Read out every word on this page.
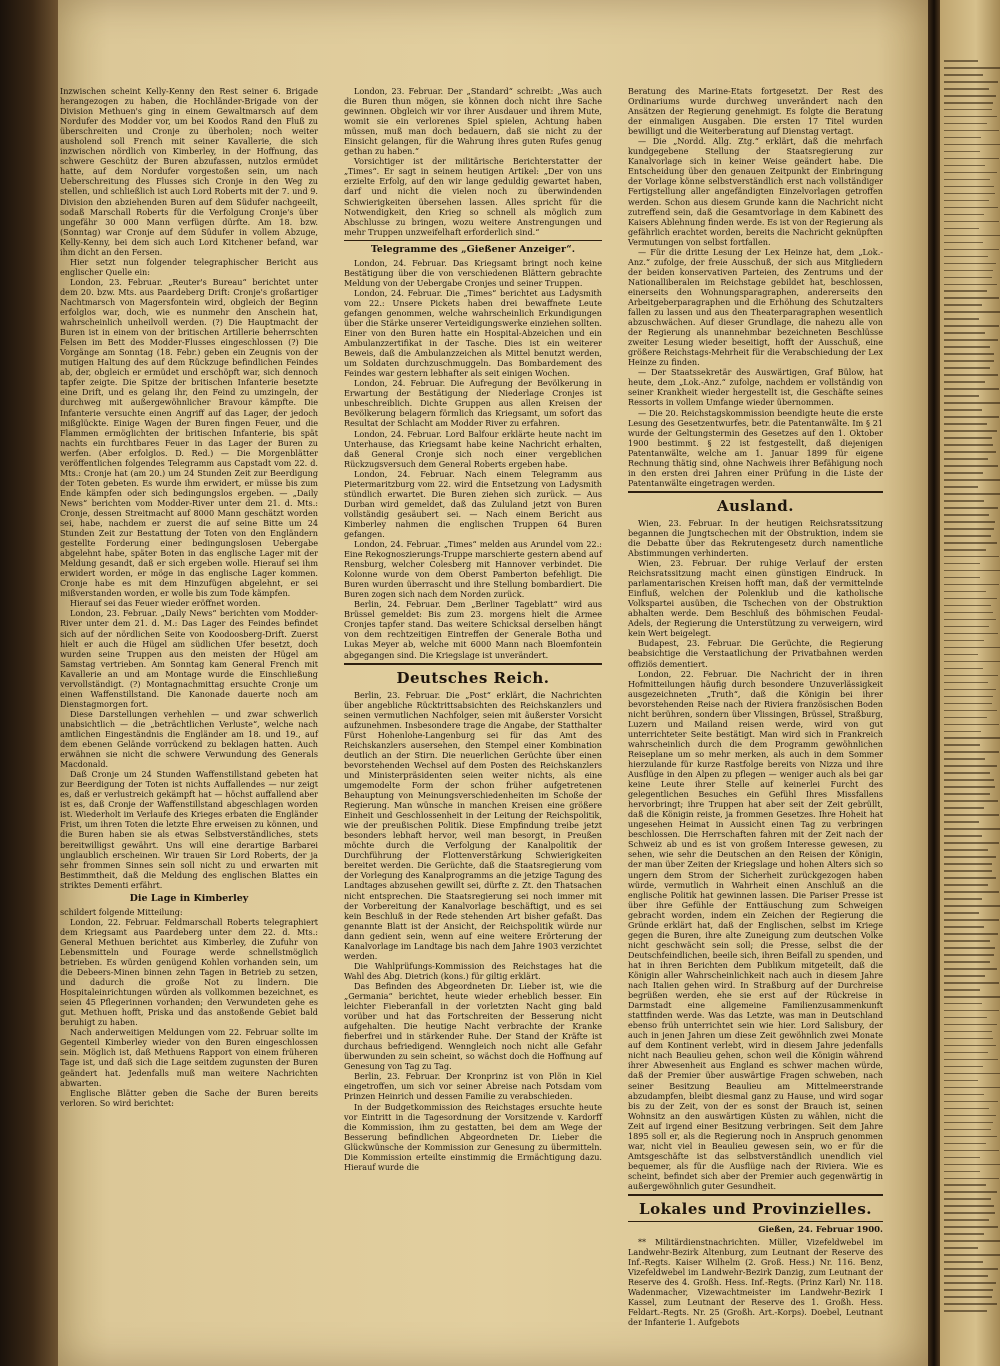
Inzwischen scheint Kelly-Kenny den Rest seiner 6. Brigade herangezogen zu haben, die Hochländer-Brigade von der Division Methuen's ging in einem Gewaltmarsch auf dem Nordufer des Modder vor, um bei Koodos Rand den Fluß zu überschreiten und Cronje zu überholen; noch weiter ausholend soll French mit seiner Kavallerie, die sich inzwischen nördlich von Kimberley, in der Hoffnung, das schwere Geschütz der Buren abzufassen, nutzlos ermüdet hatte, auf dem Nordufer vorgestoßen sein, um nach Ueberschreitung des Flusses sich Cronje in den Weg zu stellen, und schließlich ist auch Lord Roberts mit der 7. und 9. Division den abziehenden Buren auf dem Südufer nachgeeilt, sodaß Marschall Roberts für die Verfolgung Cronje's über ungefähr 30 000 Mann verfügen dürfte. Am 18. bzw. (Sonntag) war Cronje auf dem Südufer in vollem Abzuge, Kelly-Kenny, bei dem sich auch Lord Kitchener befand, war ihm dicht an den Fersen.

Hier setzt nun folgender telegraphischer Bericht aus englischer Quelle ein:

London, 23. Februar. „Reuter's Bureau“ berichtet unter dem 20. bzw. Mts. aus Paardeberg Drift: Cronje's großartiger Nachtmarsch von Magersfontein wird, obgleich der Beginn erfolglos war, doch, wie es nunmehr den Anschein hat, wahrscheinlich unheilvoll werden. (?) Die Hauptmacht der Buren ist in einem von der britischen Artillerie beherrschten Felsen im Bett des Modder-Flusses eingeschlossen (?) Die Vorgänge am Sonntag (18. Febr.) geben ein Zeugnis von der mutigen Haltung des auf dem Rückzuge befindlichen Feindes ab, der, obgleich er ermüdet und erschöpft war, sich dennoch tapfer zeigte. Die Spitze der britischen Infanterie besetzte eine Drift, und es gelang ihr, den Feind zu umzingeln, der durchweg mit außergewöhnlicher Bravour kämpfte. Die Infanterie versuchte einen Angriff auf das Lager, der jedoch mißglückte. Einige Wagen der Buren fingen Feuer, und die Flammen ermöglichten der britischen Infanterie, bis spät nachts ein furchtbares Feuer in das Lager der Buren zu werfen. (Aber erfolglos. D. Red.) — Die Morgenblätter veröffentlichen folgendes Telegramm aus Capstadt vom 22. d. Mts.: Cronje hat (am 20.) um 24 Stunden Zeit zur Beerdigung der Toten gebeten. Es wurde ihm erwidert, er müsse bis zum Ende kämpfen oder sich bedingungslos ergeben. — „Daily News“ berichten vom Modder-River unter dem 21. d. Mts.: Cronje, dessen Streitmacht auf 8000 Mann geschätzt worden sei, habe, nachdem er zuerst die auf seine Bitte um 24 Stunden Zeit zur Bestattung der Toten von den Engländern gestellte Forderung einer bedingungslosen Uebergabe abgelehnt habe, später Boten in das englische Lager mit der Meldung gesandt, daß er sich ergeben wolle. Hierauf sei ihm erwidert worden, er möge in das englische Lager kommen. Cronje habe es mit dem Hinzufügen abgelehnt, er sei mißverstanden worden, er wolle bis zum Tode kämpfen.

Hierauf sei das Feuer wieder eröffnet worden.

London, 23. Februar. „Daily News“ berichten vom Modder-River unter dem 21. d. M.: Das Lager des Feindes befindet sich auf der nördlichen Seite von Koodoosberg-Drift. Zuerst hielt er auch die Hügel am südlichen Ufer besetzt, doch wurden seine Truppen aus den meisten der Hügel am Samstag vertrieben. Am Sonntag kam General French mit Kavallerie an und am Montage wurde die Einschließung vervollständigt. (?) Montagnachmittag ersuchte Cronje um einen Waffenstillstand. Die Kanonade dauerte noch am Dienstagmorgen fort.

Diese Darstellungen verhehlen — und zwar schwerlich unabsichtlich — die „beträchtlichen Verluste“, welche nach amtlichen Eingeständnis die Engländer am 18. und 19., auf dem ebenen Gelände vorrückend zu beklagen hatten. Auch erwähnen sie nicht die schwere Verwundung des Generals Macdonald.

Daß Cronje um 24 Stunden Waffenstillstand gebeten hat zur Beerdigung der Toten ist nichts Auffallendes — nur zeigt es, daß er verlustreich gekämpft hat — höchst auffallend aber ist es, daß Cronje der Waffenstillstand abgeschlagen worden ist. Wiederholt im Verlaufe des Krieges erbaten die Engländer Frist, um ihren Toten die letzte Ehre erweisen zu können, und die Buren haben sie als etwas Selbstverständliches, stets bereitwilligst gewährt. Uns will eine derartige Barbarei unglaublich erscheinen. Wir trauen Sir Lord Roberts, der ja sehr frommen Sinnes sein soll nicht zu und erwarten mit Bestimmtheit, daß die Meldung des englischen Blattes ein striktes Dementi erfährt.

Die Lage in Kimberley

schildert folgende Mitteilung:

London, 22. Februar. Feldmarschall Roberts telegraphiert dem Kriegsamt aus Paardeberg unter dem 22. d. Mts.: General Methuen berichtet aus Kimberley, die Zufuhr von Lebensmitteln und Fourage werde schnellstmöglich betrieben. Es würden genügend Kohlen vorhanden sein, um die Debeers-Minen binnen zehn Tagen in Betrieb zu setzen, und dadurch die große Not zu lindern. Die Hospitaleinrichtungen würden als vollkommen bezeichnet, es seien 45 Pflegerinnen vorhanden; den Verwundeten gehe es gut. Methuen hofft, Priska und das anstoßende Gebiet bald beruhigt zu haben.

Nach anderweitigen Meldungen vom 22. Februar sollte im Gegenteil Kimberley wieder von den Buren eingeschlossen sein. Möglich ist, daß Methuens Rapport von einem früheren Tage ist, und daß sich die Lage seitdem zugunsten der Buren geändert hat. Jedenfalls muß man weitere Nachrichten abwarten.

Englische Blätter geben die Sache der Buren bereits verloren. So wird berichtet:

London, 23. Februar. Der „Standard“ schreibt: „Was auch die Buren thun mögen, sie können doch nicht ihre Sache gewinnen. Obgleich wir vor ihrer Ausdauer und ihrem Mute, womit sie ein verlorenes Spiel spielen, Achtung haben müssen, muß man doch bedauern, daß sie nicht zu der Einsicht gelangen, für die Wahrung ihres guten Rufes genug gethan zu haben.“

Vorsichtiger ist der militärische Berichterstatter der „Times“. Er sagt in seinem heutigen Artikel: „Der von uns erzielte Erfolg, auf den wir lange geduldig gewartet haben, darf und nicht die vielen noch zu überwindenden Schwierigkeiten übersehen lassen. Alles spricht für die Notwendigkeit, den Krieg so schnell als möglich zum Abschlusse zu bringen, wozu weitere Anstrengungen und mehr Truppen unzweifelhaft erforderlich sind.“

Telegramme des „Gießener Anzeiger“.

London, 24. Februar. Das Kriegsamt bringt noch keine Bestätigung über die von verschiedenen Blättern gebrachte Meldung von der Uebergabe Cronjes und seiner Truppen.

London, 24. Februar. Die „Times“ berichtet aus Ladysmith vom 22.: Unsere Pickets haben drei bewaffnete Leute gefangen genommen, welche wahrscheinlich Erkundigungen über die Stärke unserer Verteidigungswerke einziehen sollten. Einer von den Buren hatte ein Hospital-Abzeichen und ein Ambulanzzertifikat in der Tasche. Dies ist ein weiterer Beweis, daß die Ambulanzzeichen als Mittel benutzt werden, um Soldaten durchzuschmuggeln. Das Bombardement des Feindes war gestern lebhafter als seit einigen Wochen.

London, 24. Februar. Die Aufregung der Bevölkerung in Erwartung der Bestätigung der Niederlage Cronjes ist unbeschreiblich. Dichte Gruppen aus allen Kreisen der Bevölkerung belagern förmlich das Kriegsamt, um sofort das Resultat der Schlacht am Modder River zu erfahren.

London, 24. Februar. Lord Balfour erklärte heute nacht im Unterhause, das Kriegsamt habe keine Nachricht erhalten, daß General Cronje sich noch einer vergeblichen Rückzugsversuch dem General Roberts ergeben habe.

London, 24. Februar. Nach einem Telegramm aus Pietermaritzburg vom 22. wird die Entsetzung von Ladysmith stündlich erwartet. Die Buren ziehen sich zurück. — Aus Durban wird gemeldet, daß das Zululand jetzt von Buren vollständig gesäubert sei. — Nach einem Bericht aus Kimberley nahmen die englischen Truppen 64 Buren gefangen.

London, 24. Februar. „Times“ melden aus Arundel vom 22.: Eine Rekognoszierungs-Truppe marschierte gestern abend auf Rensburg, welcher Colesberg mit Hannover verbindet. Die Kolonne wurde von dem Oberst Pamberton befehligt. Die Buren wurden überrascht und ihre Stellung bombardiert. Die Buren zogen sich nach dem Norden zurück.

Berlin, 24. Februar. Dem „Berliner Tageblatt“ wird aus Brüssel gemeldet: Bis zum 23. morgens hielt die Armee Cronjes tapfer stand. Das weitere Schicksal derselben hängt von dem rechtzeitigen Eintreffen der Generale Botha und Lukas Meyer ab, welche mit 6000 Mann nach Bloemfontein abgegangen sind. Die Kriegslage ist unverändert.

Deutsches Reich.

Berlin, 23. Februar. Die „Post“ erklärt, die Nachrichten über angebliche Rücktrittsabsichten des Reichskanzlers und seinen vermutlichen Nachfolger, seien mit äußerster Vorsicht aufzunehmen. Insbesondere trage die Angabe, der Statthalter Fürst Hohenlohe-Langenburg sei für das Amt des Reichskanzlers ausersehen, den Stempel einer Kombination deutlich an der Stirn. Die neuerlichen Gerüchte über einen bevorstehenden Wechsel auf dem Posten des Reichskanzlers und Ministerpräsidenten seien weiter nichts, als eine umgemodelte Form der schon früher aufgetretenen Behauptung von Meinungsverschiedenheiten im Schoße der Regierung. Man wünsche in manchen Kreisen eine größere Einheit und Geschlossenheit in der Leitung der Reichspolitik, wie der preußischen Politik. Diese Empfindung treibe jetzt besonders lebhaft hervor, weil man besorgt, in Preußen möchte durch die Verfolgung der Kanalpolitik der Durchführung der Flottenverstärkung Schwierigkeiten bereitet werden. Die Gerüchte, daß die Staatsregierung vom der Vorlegung des Kanalprogramms an die jetzige Tagung des Landtages abzusehen gewillt sei, dürfte z. Zt. den Thatsachen nicht entsprechen. Die Staatsregierung sei noch immer mit der Vorbereitung der Kanalvorlage beschäftigt, und es sei kein Beschluß in der Rede stehenden Art bisher gefaßt. Das genannte Blatt ist der Ansicht, der Reichspolitik würde nur dann gedient sein, wenn auf eine weitere Erörterung der Kanalvorlage im Landtage bis nach dem Jahre 1903 verzichtet werden.

Die Wahlprüfungs-Kommission des Reichstages hat die Wahl des Abg. Dietrich (kons.) für giltig erklärt.

Das Befinden des Abgeordneten Dr. Lieber ist, wie die „Germania“ berichtet, heute wieder erheblich besser. Ein leichter Fieberanfall in der vorletzten Nacht ging bald vorüber und hat das Fortschreiten der Besserung nicht aufgehalten. Die heutige Nacht verbrachte der Kranke fieberfrei und in stärkender Ruhe. Der Stand der Kräfte ist durchaus befriedigend. Wenngleich noch nicht alle Gefahr überwunden zu sein scheint, so wächst doch die Hoffnung auf Genesung von Tag zu Tag.

Berlin, 23. Februar. Der Kronprinz ist von Plön in Kiel eingetroffen, um sich vor seiner Abreise nach Potsdam vom Prinzen Heinrich und dessen Familie zu verabschieden.

In der Budgetkommission des Reichstages ersuchte heute vor Eintritt in die Tagesordnung der Vorsitzende v. Kardorff die Kommission, ihm zu gestatten, bei dem am Wege der Besserung befindlichen Abgeordneten Dr. Lieber die Glückwünsche der Kommission zur Genesung zu übermitteln. Die Kommission erteilte einstimmig die Ermächtigung dazu. Hierauf wurde die

Beratung des Marine-Etats fortgesetzt. Der Rest des Ordinariums wurde durchweg unverändert nach den Ansätzen der Regierung genehmigt. Es folgte die Beratung der einmaligen Ausgaben. Die ersten 17 Titel wurden bewilligt und die Weiterberatung auf Dienstag vertagt.

— Die „Nordd. Allg. Ztg.“ erklärt, daß die mehrfach kundgegebene Stellung der Staatsregierung zur Kanalvorlage sich in keiner Weise geändert habe. Die Entscheidung über den genauen Zeitpunkt der Einbringung der Vorlage könne selbstverständlich erst nach vollständiger Fertigstellung aller angefändigten Einzelvorlagen getroffen werden. Schon aus diesem Grunde kann die Nachricht nicht zutreffend sein, daß die Gesamtvorlage in dem Kabinett des Kaisers Ablehnung finden werde. Es ist von der Regierung als gefährlich erachtet worden, bereits die Nachricht geknüpften Vermutungen von selbst fortfallen.

— Für die dritte Lesung der Lex Heinze hat, dem „Lok.-Anz.“ zufolge, der freie Ausschuß, der sich aus Mitgliedern der beiden konservativen Parteien, des Zentrums und der Nationalliberalen im Reichstage gebildet hat, beschlossen, einerseits den Wohnungsparagraphen, andererseits den Arbeitgeberparagraphen und die Erhöhung des Schutzalters fallen zu lassen und aus den Theaterparagraphen wesentlich abzuschwächen. Auf dieser Grundlage, die nahezu alle von der Regierung als unannehmbar bezeichneten Beschlüsse zweiter Lesung wieder beseitigt, hofft der Ausschuß, eine größere Reichstags-Mehrheit für die Verabschiedung der Lex Heinze zu finden.

— Der Staatssekretär des Auswärtigen, Graf Bülow, hat heute, dem „Lok.-Anz.“ zufolge, nachdem er vollständig von seiner Krankheit wieder hergestellt ist, die Geschäfte seines Ressorts in vollem Umfange wieder übernommen.

— Die 20. Reichstagskommission beendigte heute die erste Lesung des Gesetzentwurfes, betr. die Patentanwälte. Im § 21 wurde der Geltungstermin des Gesetzes auf den 1. Oktober 1900 bestimmt. § 22 ist festgestellt, daß diejenigen Patentanwälte, welche am 1. Januar 1899 für eigene Rechnung thätig sind, ohne Nachweis ihrer Befähigung noch in den ersten drei Jahren einer Prüfung in die Liste der Patentanwälte eingetragen werden.

Ausland.

Wien, 23. Februar. In der heutigen Reichsratssitzung begannen die Jungtschechen mit der Obstruktion, indem sie die Debatte über das Rekrutengesetz durch namentliche Abstimmungen verhinderten.

Wien, 23. Februar. Der ruhige Verlauf der ersten Reichsratssitzung macht einen günstigen Eindruck. In parlamentarischen Kreisen hofft man, daß der vermittelnde Einfluß, welchen der Polenklub und die katholische Volkspartei ausüben, die Tschechen von der Obstruktion abhalten werde. Dem Beschluß des böhmischen Feudal-Adels, der Regierung die Unterstützung zu verweigern, wird kein Wert beigelegt.

Budapest, 23. Februar. Die Gerüchte, die Regierung beabsichtige die Verstaatlichung der Privatbahnen werden offiziös dementiert.

London, 22. Februar. Die Nachricht der in ihren Hofmitteilungen häufig durch besondere Unzuverlässigkeit ausgezeichneten „Truth“, daß die Königin bei ihrer bevorstehenden Reise nach der Riviera französischen Boden nicht berühren, sondern über Vlissingen, Brüssel, Straßburg, Luzern und Mailand reisen werde, wird von gut unterrichteter Seite bestätigt. Man wird sich in Frankreich wahrscheinlich durch die dem Programm gewöhnlichen Reiseplane um so mehr merken, als auch in dem Sommer hierzulande für kurze Rastfolge bereits von Nizza und ihre Ausflüge in den Alpen zu pflegen — weniger auch als bei gar keine Leute ihrer Stelle auf keinerlei Furcht des gelegentlichen Besuches ein Gefühl Ihres Missfallens hervorbringt; ihre Truppen hat aber seit der Zeit gebrüllt, daß die Königin reiste, ja frommen Gesetzes. Ihre Hoheit hat ungesehen Heimat in Aussicht einen Tag zu verbringen beschlossen. Die Herrschaften fahren mit der Zeit nach der Schweiz ab und es ist von großem Interesse gewesen, zu sehen, wie sehr die Deutschen an den Reisen der Königin, der man über Zeiten der Kriegslage und hohen Alters sich so ungern dem Strom der Sicherheit zurückgezogen haben würde, vermutlich in Wahrheit einen Anschluß an die englische Politik hat gewinnen lassen. Die Pariser Presse ist über ihre Gefühle der Enttäuschung zum Schweigen gebracht worden, indem ein Zeichen der Regierung die Gründe erklärt hat, daß der Englischen, selbst im Kriege gegen die Buren, ihre alte Zuneigung zum deutschen Volke nicht geschwächt sein soll; die Presse, selbst die der Deutschfeindlichen, beeile sich, ihren Beifall zu spenden, und hat in ihren Berichten dem Publikum mitgeteilt, daß die Königin aller Wahrscheinlichkeit nach auch in diesem Jahre nach Italien gehen wird. In Straßburg auf der Durchreise begrüßen werden, ehe sie erst auf der Rückreise in Darmstadt eine allgemeine Familienzusammenkunft stattfinden werde. Was das Letzte, was man in Deutschland ebenso früh unterrichtet sein wie hier. Lord Salisbury, der auch in jenen Jahren um diese Zeit gewöhnlich zwei Monate auf dem Kontinent verlebt, wird in diesem Jahre jedenfalls nicht nach Beaulieu gehen, schon weil die Königin während ihrer Abwesenheit aus England es schwer machen würde, daß der Premier über auswärtige Fragen schweben, nach seiner Besitzung Beaulieu am Mittelmeerstrande abzudampfen, bleibt diesmal ganz zu Hause, und wird sogar bis zu der Zeit, von der es sonst der Brauch ist, seinen Wohnsitz an den auswärtigen Küsten zu wählen, nicht die Zeit auf irgend einer Besitzung verbringen. Seit dem Jahre 1895 soll er, als die Regierung noch in Anspruch genommen war, nicht viel in Beaulieu gewesen sein, wo er für die Amtsgeschäfte ist das selbstverständlich unendlich viel bequemer, als für die Ausflüge nach der Riviera. Wie es scheint, befindet sich aber der Premier auch gegenwärtig in außergewöhnlich guter Gesundheit.

Lokales und Provinzielles.
Gießen, 24. Februar 1900.

** Militärdienstnachrichten. Müller, Vizefeldwebel im Landwehr-Bezirk Altenburg, zum Leutnant der Reserve des Inf.-Regts. Kaiser Wilhelm (2. Groß. Hess.) Nr. 116. Benz, Vizefeldwebel im Landwehr-Bezirk Danzig, zum Leutnant der Reserve des 4. Großh. Hess. Inf.-Regts. (Prinz Karl) Nr. 118. Wadenmacher, Vizewachtmeister im Landwehr-Bezirk I Kassel, zum Leutnant der Reserve des 1. Großh. Hess. Feldart.-Regts. Nr. 25 (Großh. Art.-Korps). Doebel, Leutnant der Infanterie 1. Aufgebots
